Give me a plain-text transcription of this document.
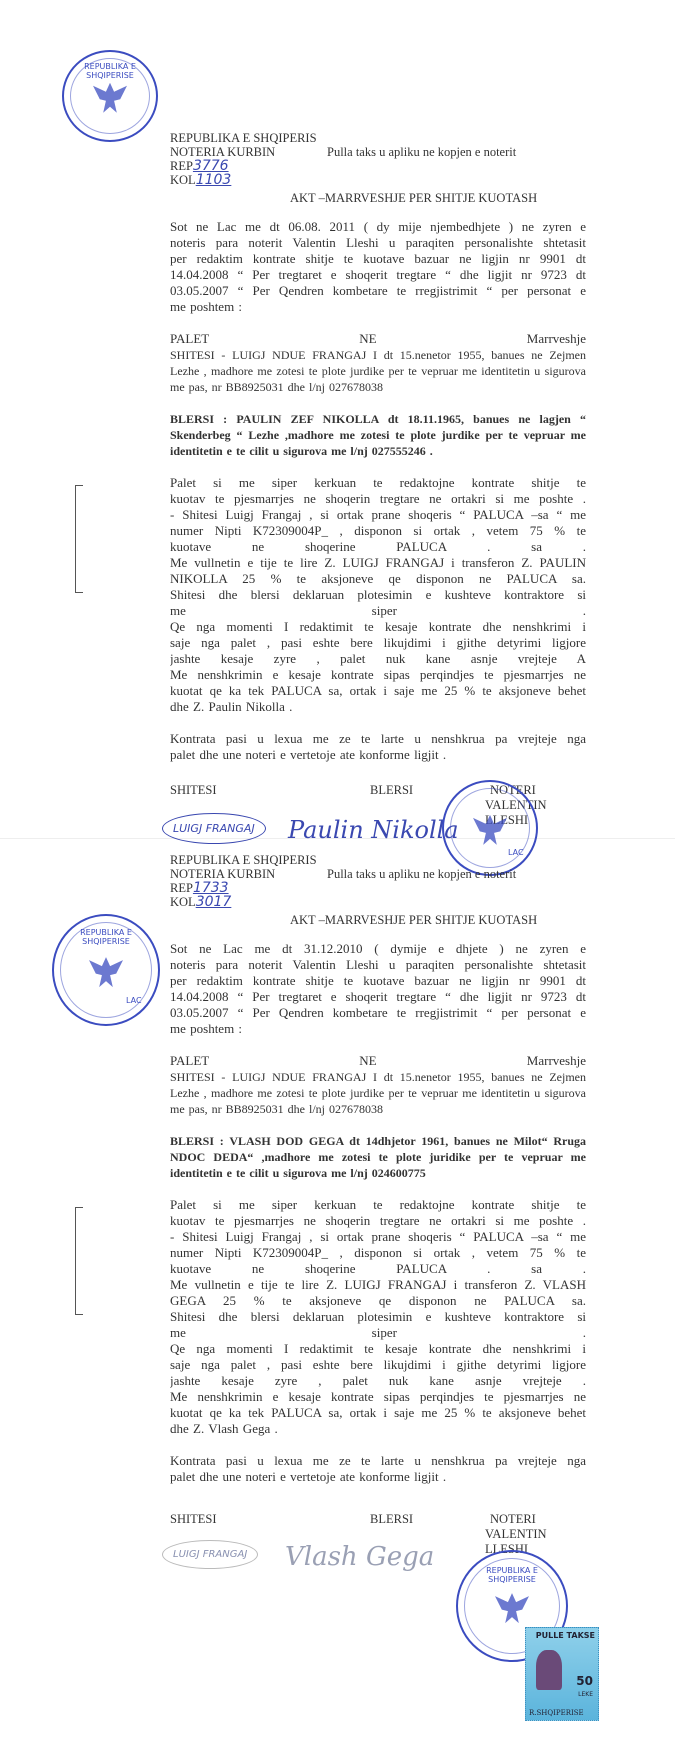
REPUBLIKA E SHQIPERISE
REPUBLIKA E SHQIPERIS
NOTERIA KURBIN
REP3776
KOL1103
Pulla taks u apliku ne kopjen e noterit
AKT –MARRVESHJE PER SHITJE KUOTASH
Sot ne Lac me dt 06.08. 2011 ( dy mije njembedhjete ) ne zyren e
noteris para noterit Valentin Lleshi u paraqiten personalishte shtetasit
per redaktim kontrate shitje te kuotave bazuar ne ligjin nr 9901 dt
14.04.2008 “ Per tregtaret e shoqerit tregtare “ dhe ligjit nr 9723 dt
03.05.2007 “ Per Qendren kombetare te rregjistrimit “ per personat e
me poshtem :
PALET NE Marrveshje
SHITESI - LUIGJ NDUE FRANGAJ I dt 15.nenetor 1955, banues ne Zejmen
Lezhe , madhore me zotesi te plote jurdike per te vepruar me identitetin u sigurova
me pas, nr BB8925031 dhe l/nj 027678038
BLERSI : PAULIN ZEF NIKOLLA dt 18.11.1965, banues ne lagjen “
Skenderbeg “ Lezhe ,madhore me zotesi te plote jurdike per te vepruar me
identitetin e te cilit u sigurova me l/nj 027555246 .
Palet si me siper kerkuan te redaktojne kontrate shitje te
kuotav te pjesmarrjes ne shoqerin tregtare ne ortakri si me poshte .
- Shitesi Luigj Frangaj , si ortak prane shoqeris “ PALUCA –sa “ me
numer Nipti K72309004P_ , disponon si ortak , vetem 75 % te
kuotave ne shoqerine PALUCA . sa .
Me vullnetin e tije te lire Z. LUIGJ FRANGAJ i transferon Z. PAULIN
NIKOLLA 25 % te aksjoneve qe disponon ne PALUCA sa.
Shitesi dhe blersi deklaruan plotesimin e kushteve kontraktore si
me siper .
Qe nga momenti I redaktimit te kesaje kontrate dhe nenshkrimi i
saje nga palet , pasi eshte bere likujdimi i gjithe detyrimi ligjore
jashte kesaje zyre , palet nuk kane asnje vrejteje A
Me nenshkrimin e kesaje kontrate sipas perqindjes te pjesmarrjes ne
kuotat qe ka tek PALUCA sa, ortak i saje me 25 % te aksjoneve behet
dhe Z. Paulin Nikolla .
Kontrata pasi u lexua me ze te larte u nenshkrua pa vrejteje nga
palet dhe une noteri e vertetoje ate konforme ligjit .
SHITESI	BLERSI	NOTERI
VALENTIN LLESHI
LUIGJ FRANGAJ	Paulin Nikolla
LAC
REPUBLIKA E SHQIPERISE
LAC
REPUBLIKA E SHQIPERIS
NOTERIA KURBIN
REP1733
KOL3017
Pulla taks u apliku ne kopjen e noterit
AKT –MARRVESHJE PER SHITJE KUOTASH
Sot ne Lac me dt 31.12.2010 ( dymije e dhjete ) ne zyren e
noteris para noterit Valentin Lleshi u paraqiten personalishte shtetasit
per redaktim kontrate shitje te kuotave bazuar ne ligjin nr 9901 dt
14.04.2008 “ Per tregtaret e shoqerit tregtare “ dhe ligjit nr 9723 dt
03.05.2007 “ Per Qendren kombetare te rregjistrimit “ per personat e
me poshtem :
PALET NE Marrveshje
SHITESI - LUIGJ NDUE FRANGAJ I dt 15.nenetor 1955, banues ne Zejmen
Lezhe , madhore me zotesi te plote jurdike per te vepruar me identitetin u sigurova
me pas, nr BB8925031 dhe l/nj 027678038
BLERSI : VLASH DOD GEGA dt 14dhjetor 1961, banues ne Milot“ Rruga
NDOC DEDA“ ,madhore me zotesi te plote juridike per te vepruar me
identitetin e te cilit u sigurova me l/nj 024600775
Palet si me siper kerkuan te redaktojne kontrate shitje te
kuotav te pjesmarrjes ne shoqerin tregtare ne ortakri si me poshte .
- Shitesi Luigj Frangaj , si ortak prane shoqeris “ PALUCA –sa “ me
numer Nipti K72309004P_ , disponon si ortak , vetem 75 % te
kuotave ne shoqerine PALUCA . sa .
Me vullnetin e tije te lire Z. LUIGJ FRANGAJ i transferon Z. VLASH
GEGA 25 % te aksjoneve qe disponon ne PALUCA sa.
Shitesi dhe blersi deklaruan plotesimin e kushteve kontraktore si
me siper .
Qe nga momenti I redaktimit te kesaje kontrate dhe nenshkrimi i
saje nga palet , pasi eshte bere likujdimi i gjithe detyrimi ligjore
jashte kesaje zyre , palet nuk kane asnje vrejteje .
Me nenshkrimin e kesaje kontrate sipas perqindjes te pjesmarrjes ne
kuotat qe ka tek PALUCA sa, ortak i saje me 25 % te aksjoneve behet
dhe Z. Vlash Gega .
Kontrata pasi u lexua me ze te larte u nenshkrua pa vrejteje nga
palet dhe une noteri e vertetoje ate konforme ligjit .
SHITESI	BLERSI	NOTERI
VALENTIN LLESHI
LUIGJ FRANGAJ	Vlash Gega	REPUBLIKA E SHQIPERISE
PULLE TAKSE
50
LEKE
R.SHQIPERISE
